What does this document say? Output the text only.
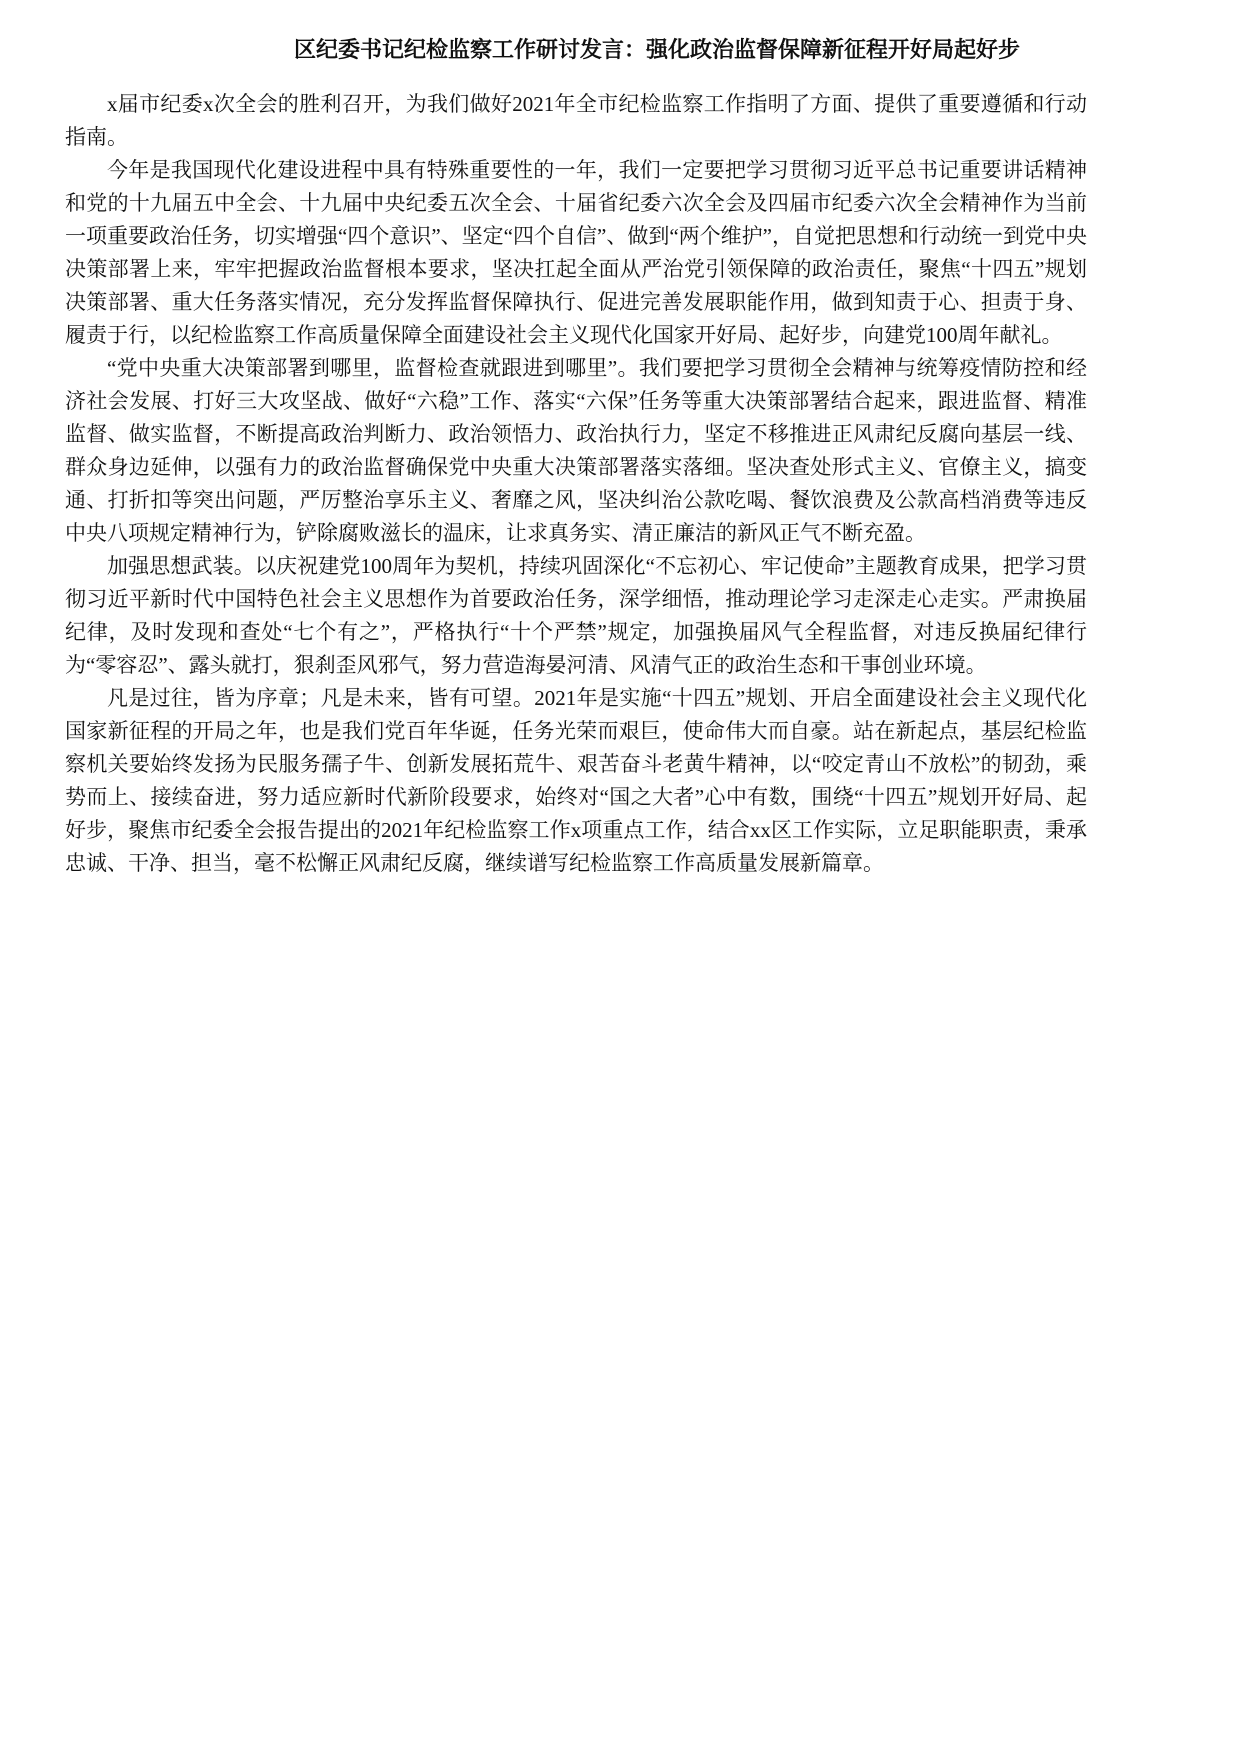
区纪委书记纪检监察工作研讨发言：强化政治监督保障新征程开好局起好步

x届市纪委x次全会的胜利召开，为我们做好2021年全市纪检监察工作指明了方面、提供了重要遵循和行动指南。

今年是我国现代化建设进程中具有特殊重要性的一年，我们一定要把学习贯彻习近平总书记重要讲话精神和党的十九届五中全会、十九届中央纪委五次全会、十届省纪委六次全会及四届市纪委六次全会精神作为当前一项重要政治任务，切实增强“四个意识”、坚定“四个自信”、做到“两个维护”，自觉把思想和行动统一到党中央决策部署上来，牢牢把握政治监督根本要求，坚决扛起全面从严治党引领保障的政治责任，聚焦“十四五”规划决策部署、重大任务落实情况，充分发挥监督保障执行、促进完善发展职能作用，做到知责于心、担责于身、履责于行，以纪检监察工作高质量保障全面建设社会主义现代化国家开好局、起好步，向建党100周年献礼。

“党中央重大决策部署到哪里，监督检查就跟进到哪里”。我们要把学习贯彻全会精神与统筹疫情防控和经济社会发展、打好三大攻坚战、做好“六稳”工作、落实“六保”任务等重大决策部署结合起来，跟进监督、精准监督、做实监督，不断提高政治判断力、政治领悟力、政治执行力，坚定不移推进正风肃纪反腐向基层一线、群众身边延伸，以强有力的政治监督确保党中央重大决策部署落实落细。坚决查处形式主义、官僚主义，搞变通、打折扣等突出问题，严厉整治享乐主义、奢靡之风，坚决纠治公款吃喝、餐饮浪费及公款高档消费等违反中央八项规定精神行为，铲除腐败滋长的温床，让求真务实、清正廉洁的新风正气不断充盈。

加强思想武装。以庆祝建党100周年为契机，持续巩固深化“不忘初心、牢记使命”主题教育成果，把学习贯彻习近平新时代中国特色社会主义思想作为首要政治任务，深学细悟，推动理论学习走深走心走实。严肃换届纪律，及时发现和查处“七个有之”，严格执行“十个严禁”规定，加强换届风气全程监督，对违反换届纪律行为“零容忍”、露头就打，狠刹歪风邪气，努力营造海晏河清、风清气正的政治生态和干事创业环境。

凡是过往，皆为序章；凡是未来，皆有可望。2021年是实施“十四五”规划、开启全面建设社会主义现代化国家新征程的开局之年，也是我们党百年华诞，任务光荣而艰巨，使命伟大而自豪。站在新起点，基层纪检监察机关要始终发扬为民服务孺子牛、创新发展拓荒牛、艰苦奋斗老黄牛精神，以“咬定青山不放松”的韧劲，乘势而上、接续奋进，努力适应新时代新阶段要求，始终对“国之大者”心中有数，围绕“十四五”规划开好局、起好步，聚焦市纪委全会报告提出的2021年纪检监察工作x项重点工作，结合xx区工作实际，立足职能职责，秉承忠诚、干净、担当，毫不松懈正风肃纪反腐，继续谱写纪检监察工作高质量发展新篇章。
